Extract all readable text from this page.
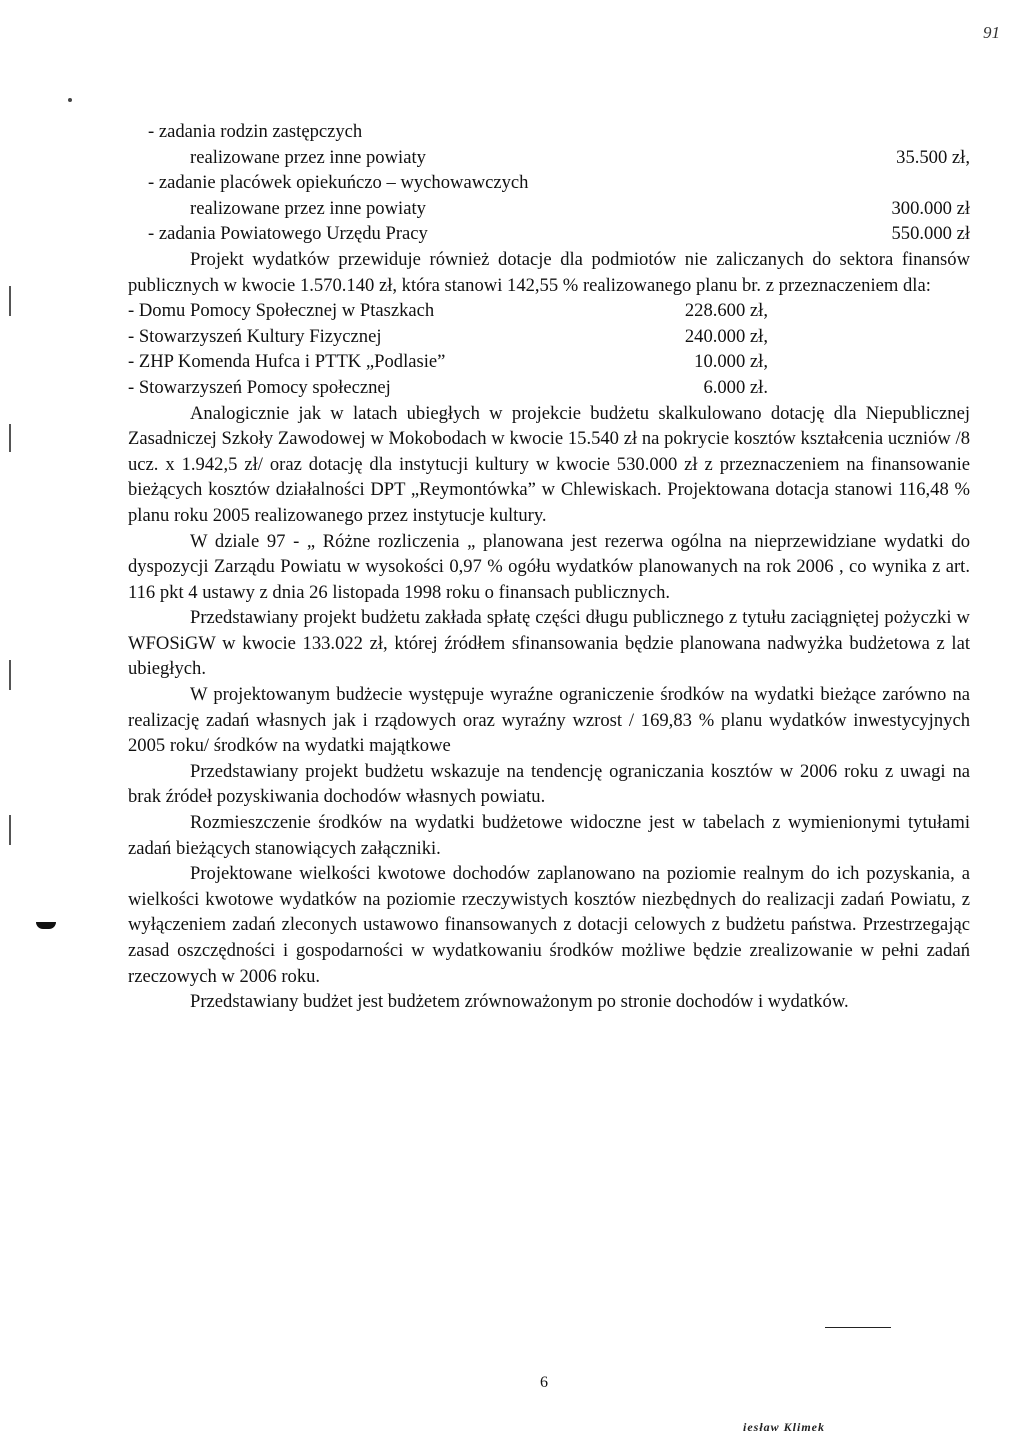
91
- zadania rodzin zastępczych
realizowane przez inne powiaty	35.500 zł,
- zadanie placówek opiekuńczo – wychowawczych
realizowane przez inne powiaty	300.000 zł
- zadania Powiatowego Urzędu Pracy	550.000 zł

Projekt wydatków przewiduje również dotacje dla podmiotów nie zaliczanych do sektora finansów publicznych w kwocie 1.570.140 zł, która stanowi 142,55 % realizowanego planu br. z przeznaczeniem dla:

- Domu Pomocy Społecznej w Ptaszkach	228.600 zł,
- Stowarzyszeń Kultury Fizycznej	240.000 zł,
- ZHP Komenda Hufca i PTTK „Podlasie”	10.000 zł,
- Stowarzyszeń Pomocy społecznej	6.000 zł.

Analogicznie jak w latach ubiegłych w projekcie budżetu skalkulowano dotację dla Niepublicznej Zasadniczej Szkoły Zawodowej w Mokobodach w kwocie 15.540 zł na pokrycie kosztów kształcenia uczniów /8 ucz. x 1.942,5 zł/ oraz dotację dla instytucji kultury w kwocie 530.000 zł z przeznaczeniem na finansowanie bieżących kosztów działalności DPT „Reymontówka” w Chlewiskach. Projektowana dotacja stanowi 116,48 % planu roku 2005 realizowanego przez instytucje kultury.

W dziale 97 - „ Różne rozliczenia „ planowana jest rezerwa ogólna na nieprzewidziane wydatki do dyspozycji Zarządu Powiatu w wysokości 0,97 % ogółu wydatków planowanych na rok 2006 , co wynika z art. 116 pkt 4 ustawy z dnia 26 listopada 1998 roku o finansach publicznych.

Przedstawiany projekt budżetu zakłada spłatę części długu publicznego z tytułu zaciągniętej pożyczki w WFOSiGW w kwocie 133.022 zł, której źródłem sfinansowania będzie planowana nadwyżka budżetowa z lat ubiegłych.

W projektowanym budżecie występuje wyraźne ograniczenie środków na wydatki bieżące zarówno na realizację zadań własnych jak i rządowych oraz wyraźny wzrost / 169,83 % planu wydatków inwestycyjnych 2005 roku/ środków na wydatki majątkowe

Przedstawiany projekt budżetu wskazuje na tendencję ograniczania kosztów w 2006 roku z uwagi na brak źródeł pozyskiwania dochodów własnych powiatu.

Rozmieszczenie środków na wydatki budżetowe widoczne jest w tabelach z wymienionymi tytułami zadań bieżących stanowiących załączniki.

Projektowane wielkości kwotowe dochodów zaplanowano na poziomie realnym do ich pozyskania, a wielkości kwotowe wydatków na poziomie rzeczywistych kosztów niezbędnych do realizacji zadań Powiatu, z wyłączeniem zadań zleconych ustawowo finansowanych z dotacji celowych z budżetu państwa. Przestrzegając zasad oszczędności i gospodarności w wydatkowaniu środków możliwe będzie zrealizowanie w pełni zadań rzeczowych w 2006 roku.

Przedstawiany budżet jest budżetem zrównoważonym po stronie dochodów i wydatków.

6
iesław Klimek
